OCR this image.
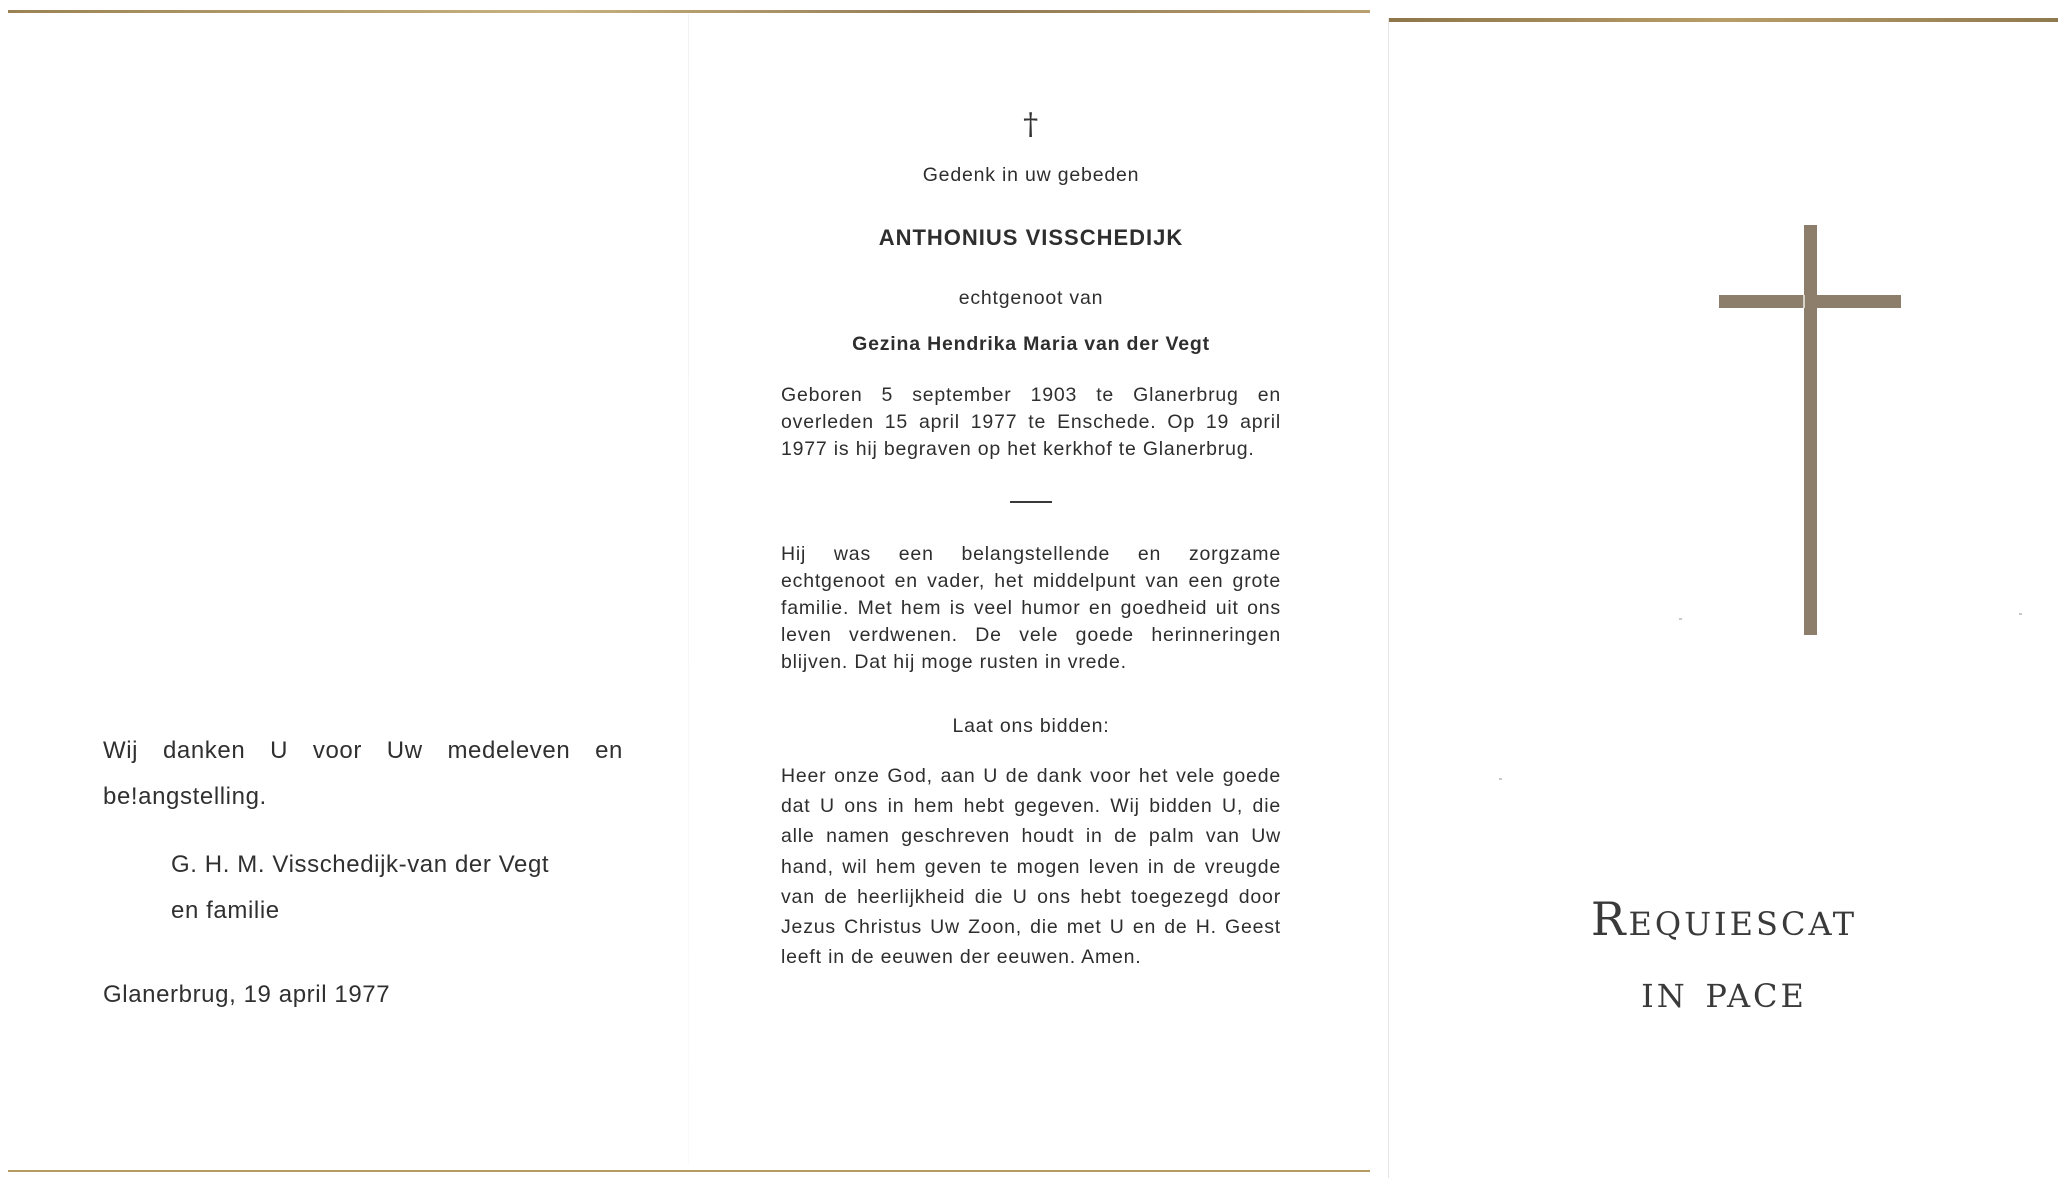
Wij danken U voor Uw medeleven en be!angstelling.
G. H. M. Visschedijk-van der Vegt
en familie
Glanerbrug, 19 april 1977
†
Gedenk in uw gebeden
ANTHONIUS VISSCHEDIJK
echtgenoot van
Gezina Hendrika Maria van der Vegt
Geboren 5 september 1903 te Glanerbrug en overleden 15 april 1977 te Enschede. Op 19 april 1977 is hij begraven op het kerkhof te Glanerbrug.
Hij was een belangstellende en zorgzame echtgenoot en vader, het middelpunt van een grote familie. Met hem is veel humor en goedheid uit ons leven verdwenen. De vele goede herinneringen blijven. Dat hij moge rusten in vrede.
Laat ons bidden:
Heer onze God, aan U de dank voor het vele goede dat U ons in hem hebt gegeven. Wij bidden U, die alle namen geschreven houdt in de palm van Uw hand, wil hem geven te mogen leven in de vreugde van de heerlijkheid die U ons hebt toegezegd door Jezus Christus Uw Zoon, die met U en de H. Geest leeft in de eeuwen der eeuwen. Amen.
Requiescat
in pace
